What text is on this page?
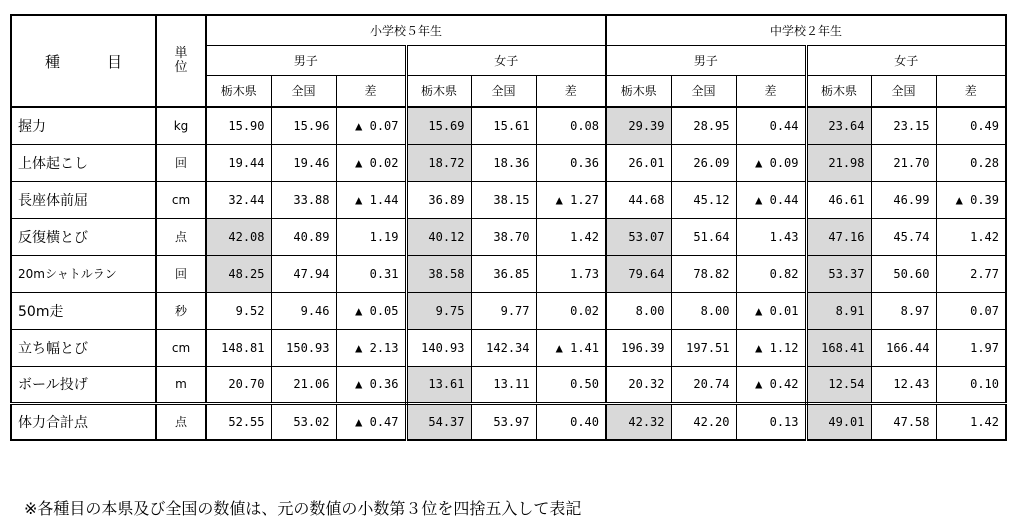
種　目	単位	小学校５年生						中学校２年生					
		男子			女子			男子			女子		
		栃木県	全国	差	栃木県	全国	差	栃木県	全国	差	栃木県	全国	差
握力	kg	15.90	15.96	▲ 0.07	15.69	15.61	0.08	29.39	28.95	0.44	23.64	23.15	0.49
上体起こし	回	19.44	19.46	▲ 0.02	18.72	18.36	0.36	26.01	26.09	▲ 0.09	21.98	21.70	0.28
長座体前屈	cm	32.44	33.88	▲ 1.44	36.89	38.15	▲ 1.27	44.68	45.12	▲ 0.44	46.61	46.99	▲ 0.39
反復横とび	点	42.08	40.89	1.19	40.12	38.70	1.42	53.07	51.64	1.43	47.16	45.74	1.42
20mシャトルラン	回	48.25	47.94	0.31	38.58	36.85	1.73	79.64	78.82	0.82	53.37	50.60	2.77
50m走	秒	9.52	9.46	▲ 0.05	9.75	9.77	0.02	8.00	8.00	▲ 0.01	8.91	8.97	0.07
立ち幅とび	cm	148.81	150.93	▲ 2.13	140.93	142.34	▲ 1.41	196.39	197.51	▲ 1.12	168.41	166.44	1.97
ボール投げ	m	20.70	21.06	▲ 0.36	13.61	13.11	0.50	20.32	20.74	▲ 0.42	12.54	12.43	0.10
体力合計点	点	52.55	53.02	▲ 0.47	54.37	53.97	0.40	42.32	42.20	0.13	49.01	47.58	1.42
※各種目の本県及び全国の数値は、元の数値の小数第３位を四捨五入して表記
